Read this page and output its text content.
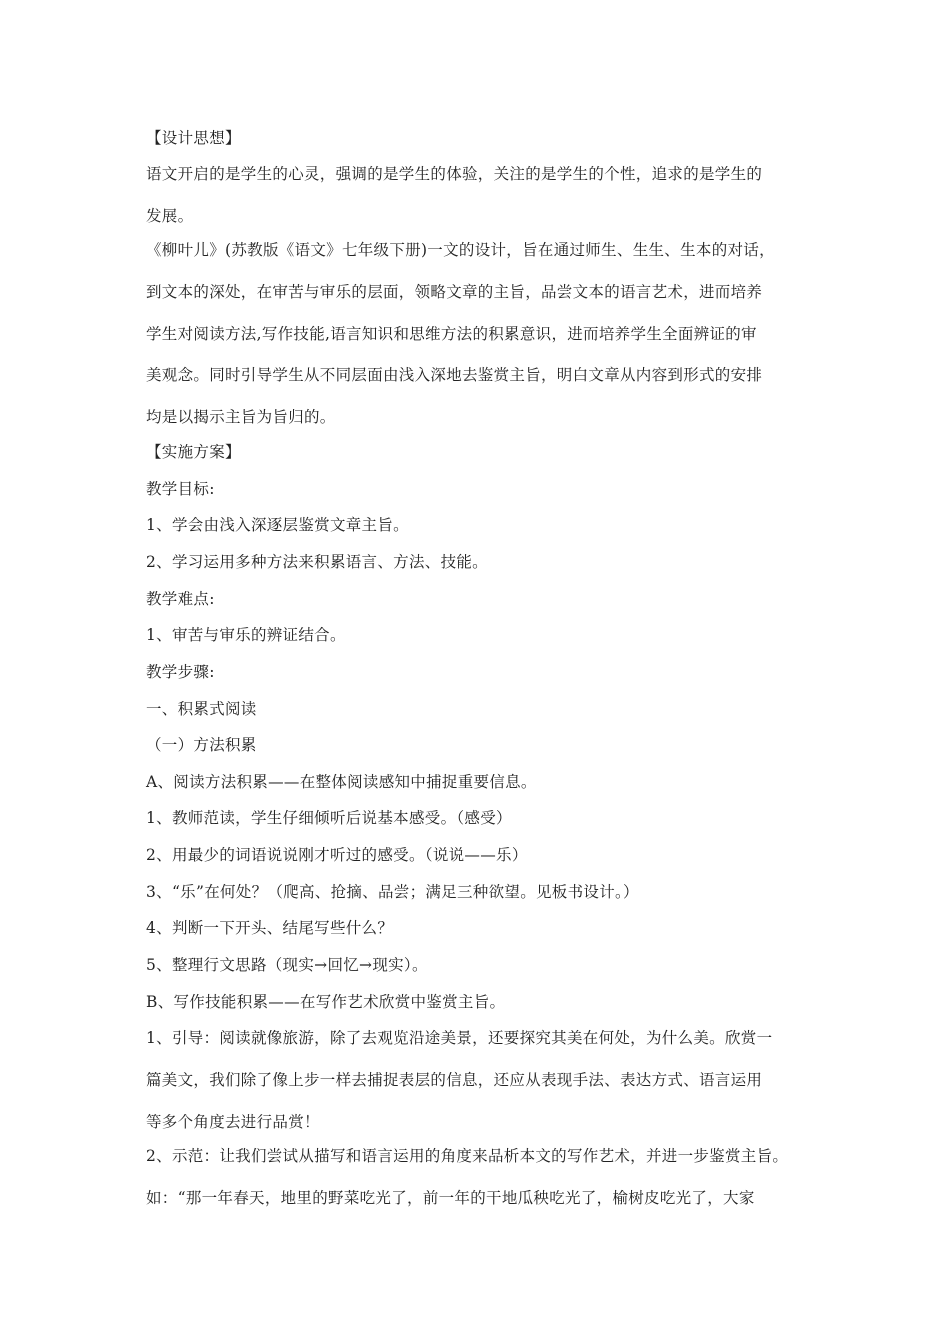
【设计思想】
语文开启的是学生的心灵，强调的是学生的体验，关注的是学生的个性，追求的是学生的
发展。
《柳叶儿》(苏教版《语文》七年级下册)一文的设计，旨在通过师生、生生、生本的对话，
到文本的深处，在审苦与审乐的层面，领略文章的主旨，品尝文本的语言艺术，进而培养
学生对阅读方法,写作技能,语言知识和思维方法的积累意识，进而培养学生全面辨证的审
美观念。同时引导学生从不同层面由浅入深地去鉴赏主旨，明白文章从内容到形式的安排
均是以揭示主旨为旨归的。
【实施方案】
教学目标:
1、学会由浅入深逐层鉴赏文章主旨。
2、学习运用多种方法来积累语言、方法、技能。
教学难点:
1、审苦与审乐的辨证结合。
教学步骤:
一、积累式阅读
（一）方法积累
A、阅读方法积累——在整体阅读感知中捕捉重要信息。
1、教师范读，学生仔细倾听后说基本感受。（感受）
2、用最少的词语说说刚才听过的感受。（说说——乐）
3、“乐”在何处？（爬高、抢摘、品尝；满足三种欲望。见板书设计。）
4、判断一下开头、结尾写些什么？
5、整理行文思路（现实→回忆→现实）。
B、写作技能积累——在写作艺术欣赏中鉴赏主旨。
1、引导：阅读就像旅游，除了去观览沿途美景，还要探究其美在何处，为什么美。欣赏一
篇美文，我们除了像上步一样去捕捉表层的信息，还应从表现手法、表达方式、语言运用
等多个角度去进行品赏！
2、示范：让我们尝试从描写和语言运用的角度来品析本文的写作艺术，并进一步鉴赏主旨。
如：“那一年春天，地里的野菜吃光了，前一年的干地瓜秧吃光了，榆树皮吃光了，大家
